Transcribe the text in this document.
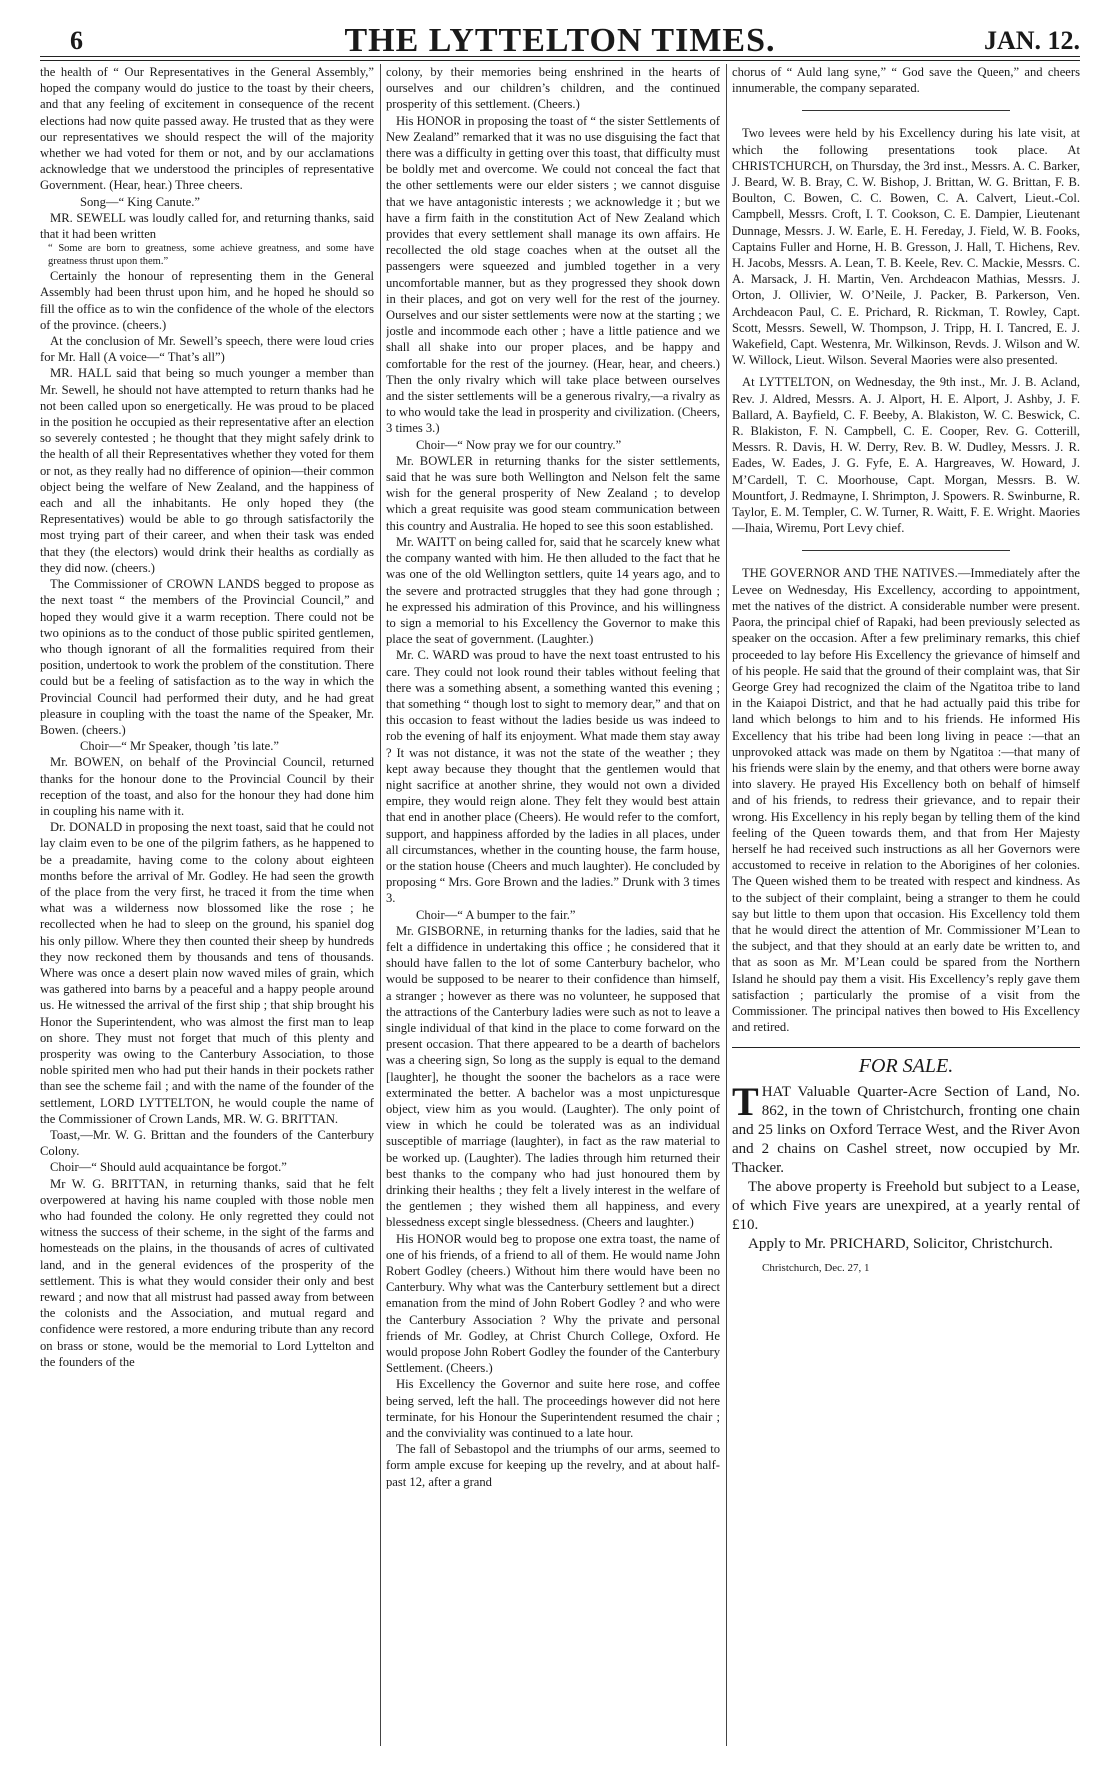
6	THE LYTTELTON TIMES.	JAN. 12.

the health of “ Our Representatives in the General Assembly,” hoped the company would do justice to the toast by their cheers, and that any feeling of excitement in consequence of the recent elections had now quite passed away. He trusted that as they were our representatives we should respect the will of the majority whether we had voted for them or not, and by our acclamations acknowledge that we understood the principles of representative Government. (Hear, hear.) Three cheers.

Song—“ King Canute.”

MR. SEWELL was loudly called for, and returning thanks, said that it had been written

“ Some are born to greatness, some achieve greatness, and some have greatness thrust upon them.”

Certainly the honour of representing them in the General Assembly had been thrust upon him, and he hoped he should so fill the office as to win the confidence of the whole of the electors of the province. (cheers.)

At the conclusion of Mr. Sewell’s speech, there were loud cries for Mr. Hall (A voice—“ That’s all”)

MR. HALL said that being so much younger a member than Mr. Sewell, he should not have attempted to return thanks had he not been called upon so energetically. He was proud to be placed in the position he occupied as their representative after an election so severely contested ; he thought that they might safely drink to the health of all their Representatives whether they voted for them or not, as they really had no difference of opinion—their common object being the welfare of New Zealand, and the happiness of each and all the inhabitants. He only hoped they (the Representatives) would be able to go through satisfactorily the most trying part of their career, and when their task was ended that they (the electors) would drink their healths as cordially as they did now. (cheers.)

The Commissioner of CROWN LANDS begged to propose as the next toast “ the members of the Provincial Council,” and hoped they would give it a warm reception. There could not be two opinions as to the conduct of those public spirited gentlemen, who though ignorant of all the formalities required from their position, undertook to work the problem of the constitution. There could but be a feeling of satisfaction as to the way in which the Provincial Council had performed their duty, and he had great pleasure in coupling with the toast the name of the Speaker, Mr. Bowen. (cheers.)

Choir—“ Mr Speaker, though ’tis late.”

Mr. BOWEN, on behalf of the Provincial Council, returned thanks for the honour done to the Provincial Council by their reception of the toast, and also for the honour they had done him in coupling his name with it.

Dr. DONALD in proposing the next toast, said that he could not lay claim even to be one of the pilgrim fathers, as he happened to be a preadamite, having come to the colony about eighteen months before the arrival of Mr. Godley. He had seen the growth of the place from the very first, he traced it from the time when what was a wilderness now blossomed like the rose ; he recollected when he had to sleep on the ground, his spaniel dog his only pillow. Where they then counted their sheep by hundreds they now reckoned them by thousands and tens of thousands. Where was once a desert plain now waved miles of grain, which was gathered into barns by a peaceful and a happy people around us. He witnessed the arrival of the first ship ; that ship brought his Honor the Superintendent, who was almost the first man to leap on shore. They must not forget that much of this plenty and prosperity was owing to the Canterbury Association, to those noble spirited men who had put their hands in their pockets rather than see the scheme fail ; and with the name of the founder of the settlement, LORD LYTTELTON, he would couple the name of the Commissioner of Crown Lands, MR. W. G. BRITTAN.

Toast,—Mr. W. G. Brittan and the founders of the Canterbury Colony.

Choir—“ Should auld acquaintance be forgot.”

Mr W. G. BRITTAN, in returning thanks, said that he felt overpowered at having his name coupled with those noble men who had founded the colony. He only regretted they could not witness the success of their scheme, in the sight of the farms and homesteads on the plains, in the thousands of acres of cultivated land, and in the general evidences of the prosperity of the settlement. This is what they would consider their only and best reward ; and now that all mistrust had passed away from between the colonists and the Association, and mutual regard and confidence were restored, a more enduring tribute than any record on brass or stone, would be the memorial to Lord Lyttelton and the founders of the

colony, by their memories being enshrined in the hearts of ourselves and our children’s children, and the continued prosperity of this settlement. (Cheers.)

His HONOR in proposing the toast of “ the sister Settlements of New Zealand” remarked that it was no use disguising the fact that there was a difficulty in getting over this toast, that difficulty must be boldly met and overcome. We could not conceal the fact that the other settlements were our elder sisters ; we cannot disguise that we have antagonistic interests ; we acknowledge it ; but we have a firm faith in the constitution Act of New Zealand which provides that every settlement shall manage its own affairs. He recollected the old stage coaches when at the outset all the passengers were squeezed and jumbled together in a very uncomfortable manner, but as they progressed they shook down in their places, and got on very well for the rest of the journey. Ourselves and our sister settlements were now at the starting ; we jostle and incommode each other ; have a little patience and we shall all shake into our proper places, and be happy and comfortable for the rest of the journey. (Hear, hear, and cheers.) Then the only rivalry which will take place between ourselves and the sister settlements will be a generous rivalry,—a rivalry as to who would take the lead in prosperity and civilization. (Cheers, 3 times 3.)

Choir—“ Now pray we for our country.”

Mr. BOWLER in returning thanks for the sister settlements, said that he was sure both Wellington and Nelson felt the same wish for the general prosperity of New Zealand ; to develop which a great requisite was good steam communication between this country and Australia. He hoped to see this soon established.

Mr. WAITT on being called for, said that he scarcely knew what the company wanted with him. He then alluded to the fact that he was one of the old Wellington settlers, quite 14 years ago, and to the severe and protracted struggles that they had gone through ; he expressed his admiration of this Province, and his willingness to sign a memorial to his Excellency the Governor to make this place the seat of government. (Laughter.)

Mr. C. WARD was proud to have the next toast entrusted to his care. They could not look round their tables without feeling that there was a something absent, a something wanted this evening ; that something “ though lost to sight to memory dear,” and that on this occasion to feast without the ladies beside us was indeed to rob the evening of half its enjoyment. What made them stay away ? It was not distance, it was not the state of the weather ; they kept away because they thought that the gentlemen would that night sacrifice at another shrine, they would not own a divided empire, they would reign alone. They felt they would best attain that end in another place (Cheers). He would refer to the comfort, support, and happiness afforded by the ladies in all places, under all circumstances, whether in the counting house, the farm house, or the station house (Cheers and much laughter). He concluded by proposing “ Mrs. Gore Brown and the ladies.” Drunk with 3 times 3.

Choir—“ A bumper to the fair.”

Mr. GISBORNE, in returning thanks for the ladies, said that he felt a diffidence in undertaking this office ; he considered that it should have fallen to the lot of some Canterbury bachelor, who would be supposed to be nearer to their confidence than himself, a stranger ; however as there was no volunteer, he supposed that the attractions of the Canterbury ladies were such as not to leave a single individual of that kind in the place to come forward on the present occasion. That there appeared to be a dearth of bachelors was a cheering sign, So long as the supply is equal to the demand [laughter], he thought the sooner the bachelors as a race were exterminated the better. A bachelor was a most unpicturesque object, view him as you would. (Laughter). The only point of view in which he could be tolerated was as an individual susceptible of marriage (laughter), in fact as the raw material to be worked up. (Laughter). The ladies through him returned their best thanks to the company who had just honoured them by drinking their healths ; they felt a lively interest in the welfare of the gentlemen ; they wished them all happiness, and every blessedness except single blessedness. (Cheers and laughter.)

His HONOR would beg to propose one extra toast, the name of one of his friends, of a friend to all of them. He would name John Robert Godley (cheers.) Without him there would have been no Canterbury. Why what was the Canterbury settlement but a direct emanation from the mind of John Robert Godley ? and who were the Canterbury Association ? Why the private and personal friends of Mr. Godley, at Christ Church College, Oxford. He would propose John Robert Godley the founder of the Canterbury Settlement. (Cheers.)

His Excellency the Governor and suite here rose, and coffee being served, left the hall. The proceedings however did not here terminate, for his Honour the Superintendent resumed the chair ; and the conviviality was continued to a late hour.

The fall of Sebastopol and the triumphs of our arms, seemed to form ample excuse for keeping up the revelry, and at about half-past 12, after a grand

chorus of “ Auld lang syne,” “ God save the Queen,” and cheers innumerable, the company separated.

Two levees were held by his Excellency during his late visit, at which the following presentations took place. At CHRISTCHURCH, on Thursday, the 3rd inst., Messrs. A. C. Barker, J. Beard, W. B. Bray, C. W. Bishop, J. Brittan, W. G. Brittan, F. B. Boulton, C. Bowen, C. C. Bowen, C. A. Calvert, Lieut.-Col. Campbell, Messrs. Croft, I. T. Cookson, C. E. Dampier, Lieutenant Dunnage, Messrs. J. W. Earle, E. H. Fereday, J. Field, W. B. Fooks, Captains Fuller and Horne, H. B. Gresson, J. Hall, T. Hichens, Rev. H. Jacobs, Messrs. A. Lean, T. B. Keele, Rev. C. Mackie, Messrs. C. A. Marsack, J. H. Martin, Ven. Archdeacon Mathias, Messrs. J. Orton, J. Ollivier, W. O’Neile, J. Packer, B. Parkerson, Ven. Archdeacon Paul, C. E. Prichard, R. Rickman, T. Rowley, Capt. Scott, Messrs. Sewell, W. Thompson, J. Tripp, H. I. Tancred, E. J. Wakefield, Capt. Westenra, Mr. Wilkinson, Revds. J. Wilson and W. W. Willock, Lieut. Wilson. Several Maories were also presented.

At LYTTELTON, on Wednesday, the 9th inst., Mr. J. B. Acland, Rev. J. Aldred, Messrs. A. J. Alport, H. E. Alport, J. Ashby, J. F. Ballard, A. Bayfield, C. F. Beeby, A. Blakiston, W. C. Beswick, C. R. Blakiston, F. N. Campbell, C. E. Cooper, Rev. G. Cotterill, Messrs. R. Davis, H. W. Derry, Rev. B. W. Dudley, Messrs. J. R. Eades, W. Eades, J. G. Fyfe, E. A. Hargreaves, W. Howard, J. M’Cardell, T. C. Moorhouse, Capt. Morgan, Messrs. B. W. Mountfort, J. Redmayne, I. Shrimpton, J. Spowers. R. Swinburne, R. Taylor, E. M. Templer, C. W. Turner, R. Waitt, F. E. Wright. Maories—Ihaia, Wiremu, Port Levy chief.

THE GOVERNOR AND THE NATIVES.—Immediately after the Levee on Wednesday, His Excellency, according to appointment, met the natives of the district. A considerable number were present. Paora, the principal chief of Rapaki, had been previously selected as speaker on the occasion. After a few preliminary remarks, this chief proceeded to lay before His Excellency the grievance of himself and of his people. He said that the ground of their complaint was, that Sir George Grey had recognized the claim of the Ngatitoa tribe to land in the Kaiapoi District, and that he had actually paid this tribe for land which belongs to him and to his friends. He informed His Excellency that his tribe had been long living in peace :—that an unprovoked attack was made on them by Ngatitoa :—that many of his friends were slain by the enemy, and that others were borne away into slavery. He prayed His Excellency both on behalf of himself and of his friends, to redress their grievance, and to repair their wrong. His Excellency in his reply began by telling them of the kind feeling of the Queen towards them, and that from Her Majesty herself he had received such instructions as all her Governors were accustomed to receive in relation to the Aborigines of her colonies. The Queen wished them to be treated with respect and kindness. As to the subject of their complaint, being a stranger to them he could say but little to them upon that occasion. His Excellency told them that he would direct the attention of Mr. Commissioner M’Lean to the subject, and that they should at an early date be written to, and that as soon as Mr. M’Lean could be spared from the Northern Island he should pay them a visit. His Excellency’s reply gave them satisfaction ; particularly the promise of a visit from the Commissioner. The principal natives then bowed to His Excellency and retired.

FOR SALE.
T HAT Valuable Quarter-Acre Section of Land, No. 862, in the town of Christchurch, fronting one chain and 25 links on Oxford Terrace West, and the River Avon and 2 chains on Cashel street, now occupied by Mr. Thacker.

The above property is Freehold but subject to a Lease, of which Five years are unexpired, at a yearly rental of £10.

Apply to Mr. PRICHARD, Solicitor, Christchurch.

Christchurch, Dec. 27, 1
